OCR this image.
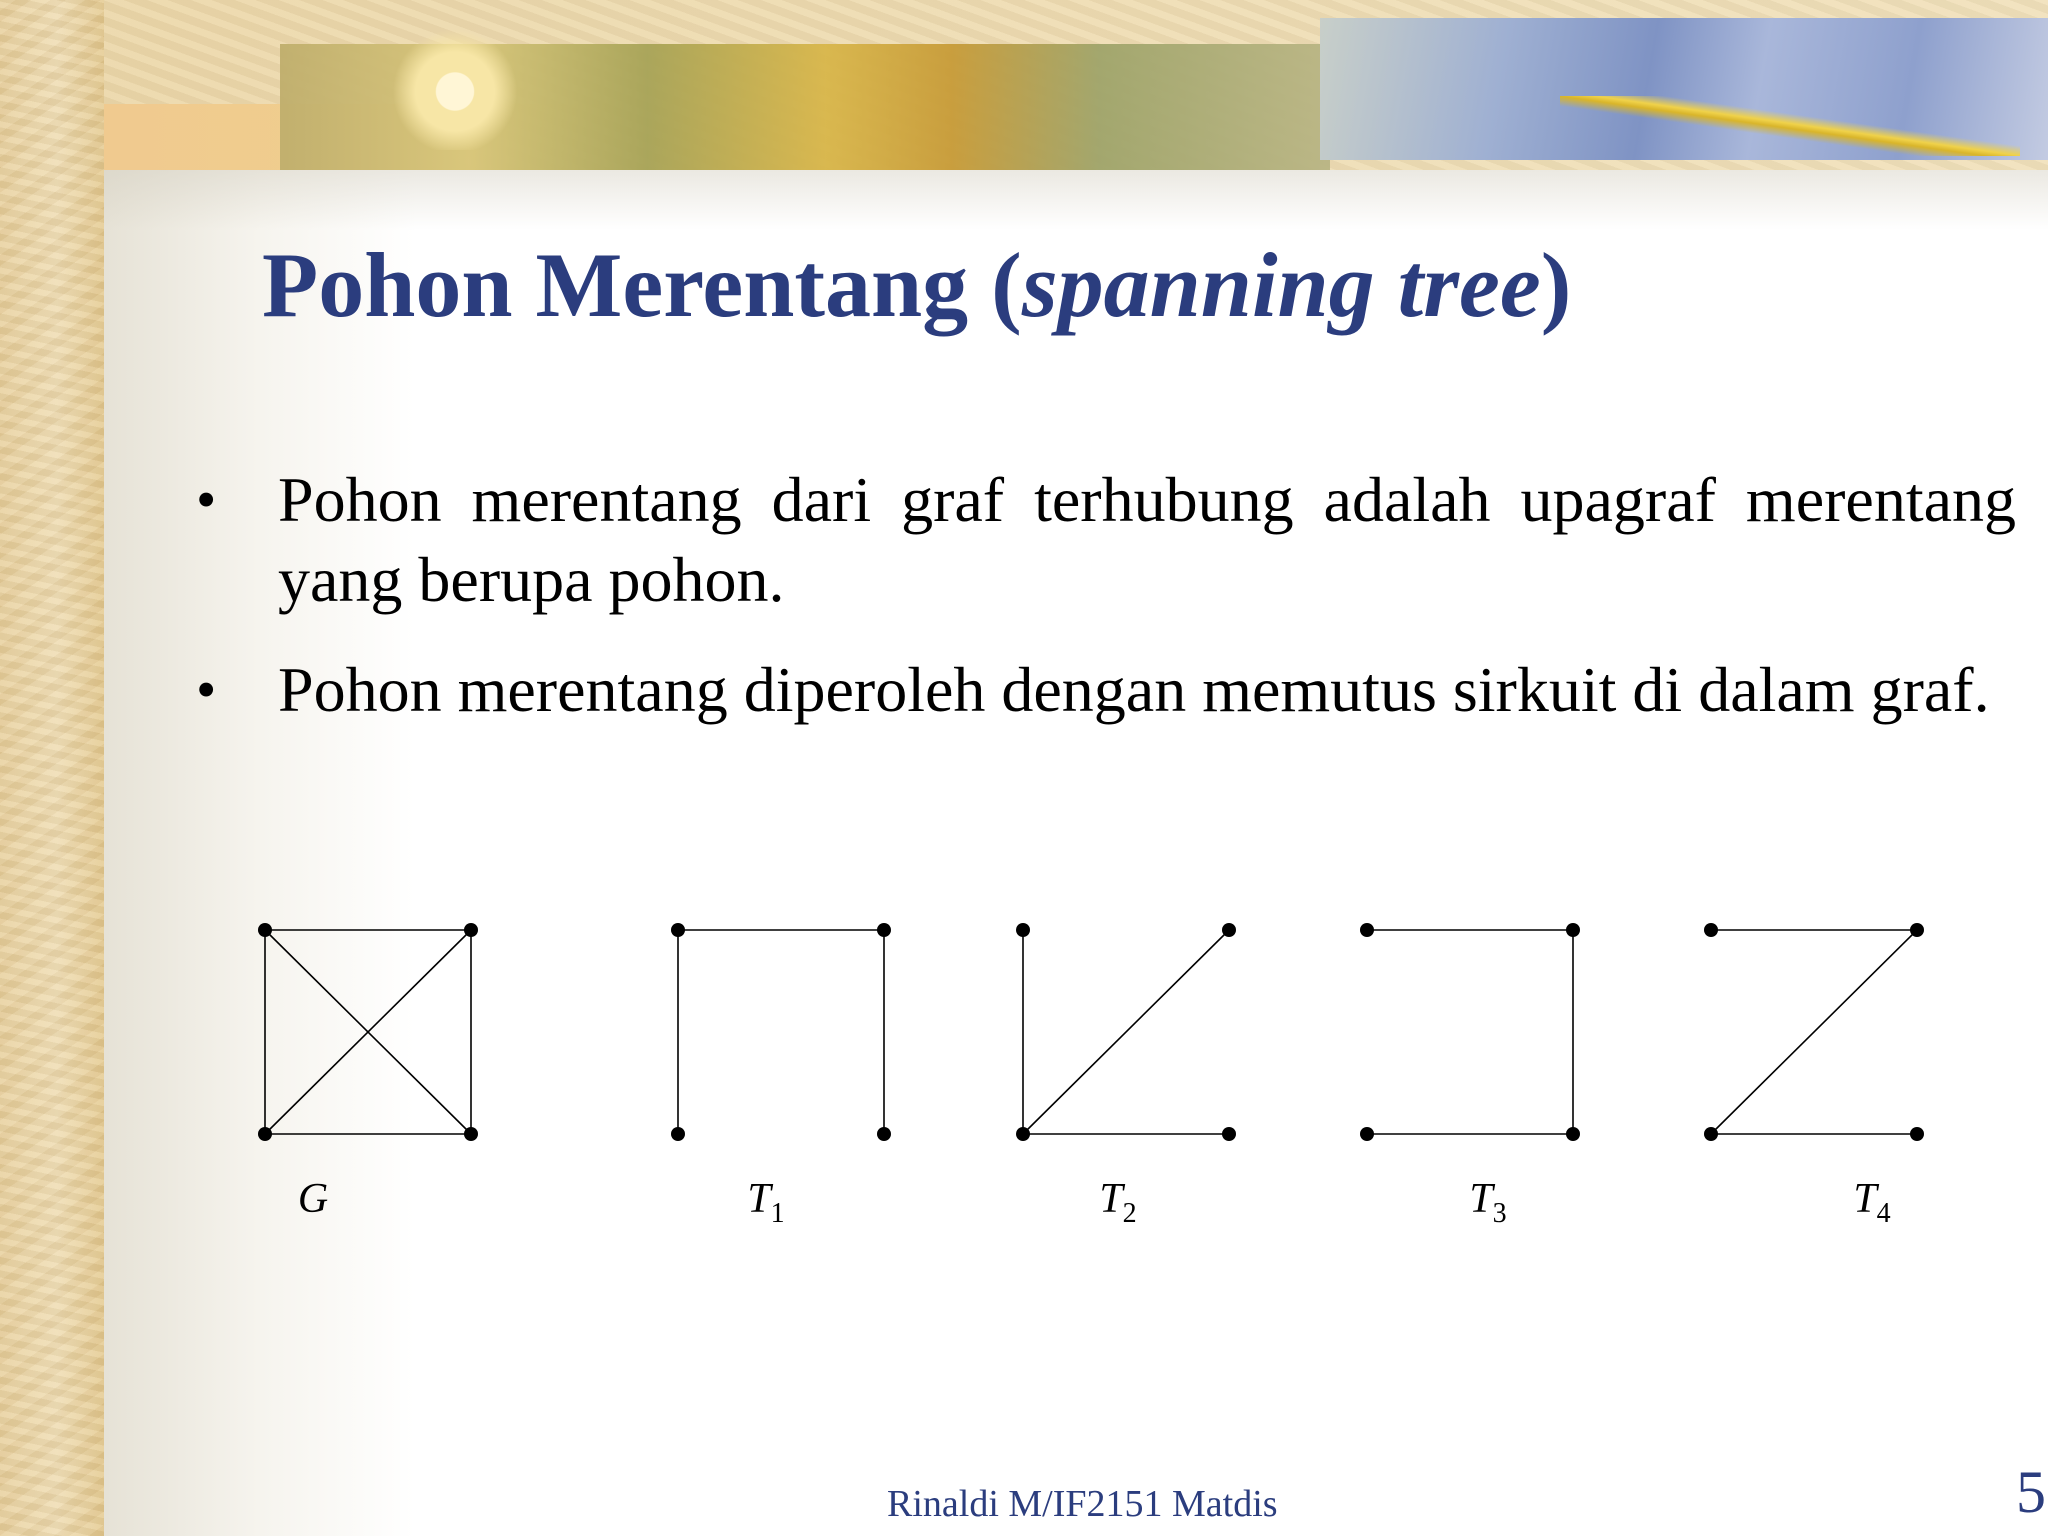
Pohon Merentang (spanning tree)
• Pohon merentang dari graf terhubung adalah upagraf merentang yang berupa pohon.
• Pohon merentang diperoleh dengan memutus sirkuit di dalam graf.
G	$T_1$	$T_2$	$T_3$	$T_4$
Rinaldi M/IF2151 Matdis	5
